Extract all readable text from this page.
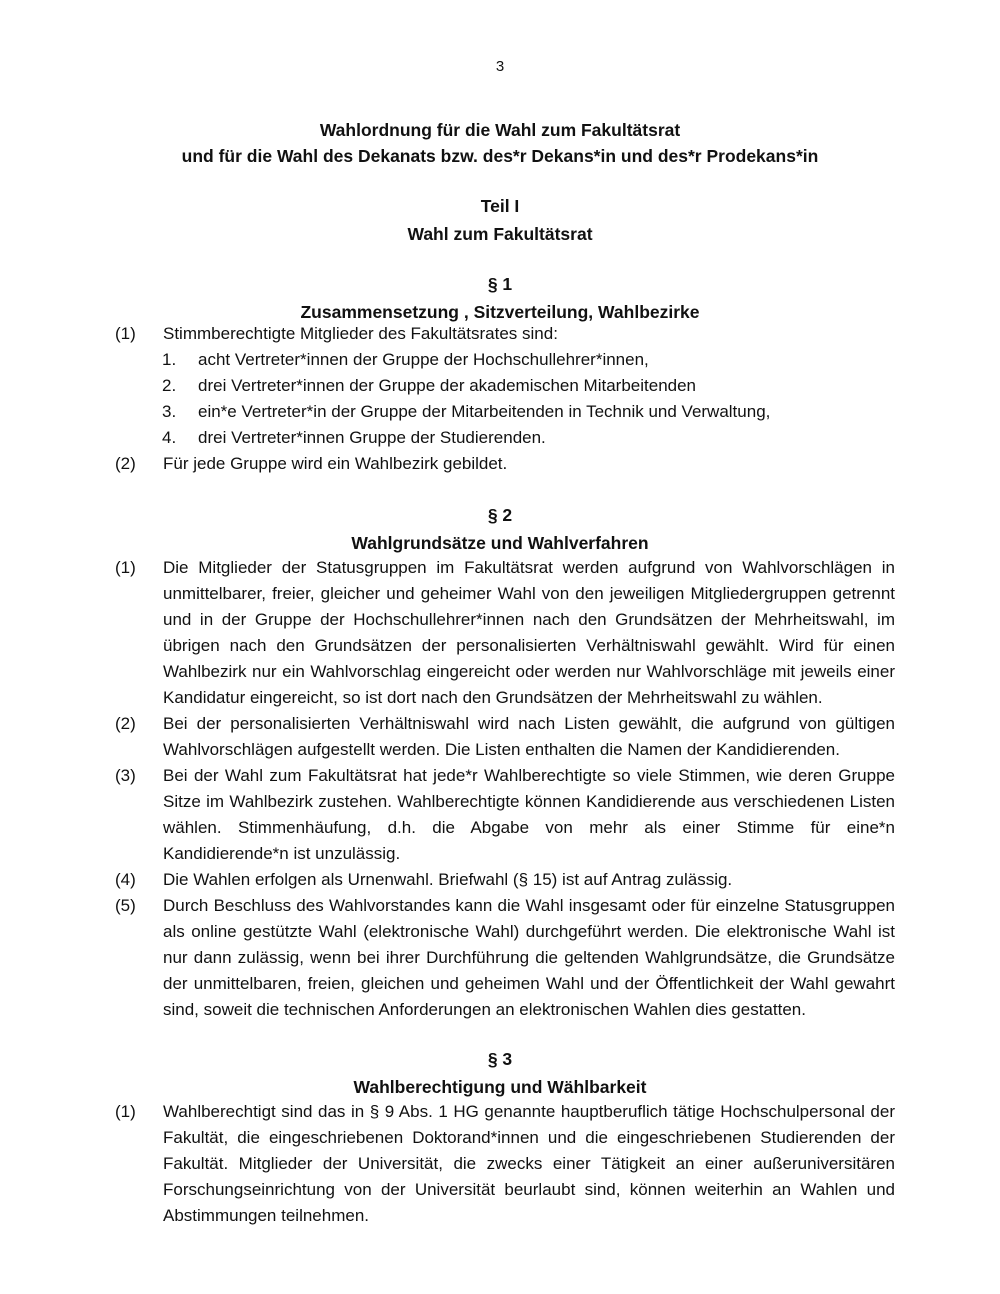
3
Wahlordnung für die Wahl zum Fakultätsrat
und für die Wahl des Dekanats bzw. des*r Dekans*in und des*r Prodekans*in
Teil I
Wahl zum Fakultätsrat
§ 1
Zusammensetzung , Sitzverteilung, Wahlbezirke
(1)	Stimmberechtigte Mitglieder des Fakultätsrates sind:
1.	acht Vertreter*innen der Gruppe der Hochschullehrer*innen,
2.	drei Vertreter*innen der Gruppe der akademischen Mitarbeitenden
3.	ein*e Vertreter*in der Gruppe der Mitarbeitenden in Technik und Verwaltung,
4.	drei Vertreter*innen Gruppe der Studierenden.
(2)	Für jede Gruppe wird ein Wahlbezirk gebildet.
§ 2
Wahlgrundsätze und Wahlverfahren
(1)	Die Mitglieder der Statusgruppen im Fakultätsrat werden aufgrund von Wahlvorschlägen in unmittelbarer, freier, gleicher und geheimer Wahl von den jeweiligen Mitgliedergruppen getrennt und in der Gruppe der Hochschullehrer*innen nach den Grundsätzen der Mehrheitswahl, im übrigen nach den Grundsätzen der personalisierten Verhältniswahl gewählt. Wird für einen Wahlbezirk nur ein Wahlvorschlag eingereicht oder werden nur Wahlvorschläge mit jeweils einer Kandidatur eingereicht, so ist dort nach den Grundsätzen der Mehrheitswahl zu wählen.
(2)	Bei der personalisierten Verhältniswahl wird nach Listen gewählt, die aufgrund von gültigen Wahlvorschlägen aufgestellt werden. Die Listen enthalten die Namen der Kandidierenden.
(3)	Bei der Wahl zum Fakultätsrat hat jede*r Wahlberechtigte so viele Stimmen, wie deren Gruppe Sitze im Wahlbezirk zustehen. Wahlberechtigte können Kandidierende aus verschiedenen Listen wählen. Stimmenhäufung, d.h. die Abgabe von mehr als einer Stimme für eine*n Kandidierende*n ist unzulässig.
(4)	Die Wahlen erfolgen als Urnenwahl. Briefwahl (§ 15) ist auf Antrag zulässig.
(5)	Durch Beschluss des Wahlvorstandes kann die Wahl insgesamt oder für einzelne Statusgruppen als online gestützte Wahl (elektronische Wahl) durchgeführt werden. Die elektronische Wahl ist nur dann zulässig, wenn bei ihrer Durchführung die geltenden Wahlgrundsätze, die Grundsätze der unmittelbaren, freien, gleichen und geheimen Wahl und der Öffentlichkeit der Wahl gewahrt sind, soweit die technischen Anforderungen an elektronischen Wahlen dies gestatten.
§ 3
Wahlberechtigung und Wählbarkeit
(1)	Wahlberechtigt sind das in § 9 Abs. 1 HG genannte hauptberuflich tätige Hochschulpersonal der Fakultät, die eingeschriebenen Doktorand*innen und die eingeschriebenen Studierenden der Fakultät. Mitglieder der Universität, die zwecks einer Tätigkeit an einer außeruniversitären Forschungseinrichtung von der Universität beurlaubt sind, können weiterhin an Wahlen und Abstimmungen teilnehmen.
